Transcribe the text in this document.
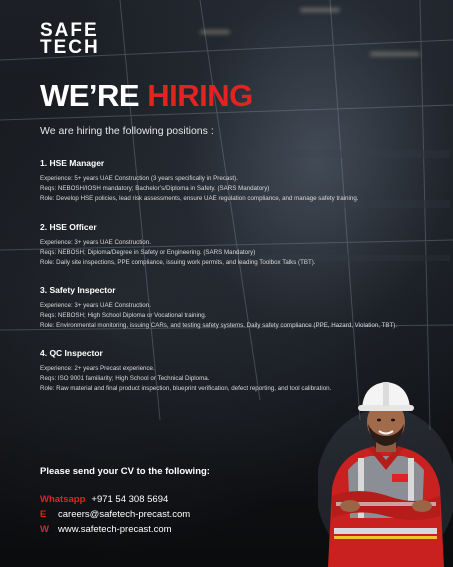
SAFE
TECH
WE’RE HIRING
We are hiring the following positions :
1. HSE Manager
Experience: 5+ years UAE Construction (3 years specifically in Precast).
Reqs: NEBOSH/IOSH mandatory; Bachelor’s/Diploma in Safety. (SARS Mandatory)
Role: Develop HSE policies, lead risk assessments, ensure UAE regulation compliance, and manage safety training.
2. HSE Officer
Experience: 3+ years UAE Construction.
Reqs: NEBOSH; Diploma/Degree in Safety or Engineering. (SARS Mandatory)
Role: Daily site inspections, PPE compliance, issuing work permits, and leading Toolbox Talks (TBT).
3. Safety Inspector
Experience: 3+ years UAE Construction.
Reqs: NEBOSH; High School Diploma or Vocational training.
Role: Environmental monitoring, issuing CARs, and testing safety systems. Daily safety compliance (PPE, Hazard, Violation, TBT).
4. QC Inspector
Experience: 2+ years Precast experience.
Reqs: ISO 9001 familiarity; High School or Technical Diploma.
Role: Raw material and final product inspection, blueprint verification, defect reporting, and tool calibration.
Please send your CV to the following:
Whatsapp +971 54 308 5694
E careers@safetech-precast.com
W www.safetech-precast.com
